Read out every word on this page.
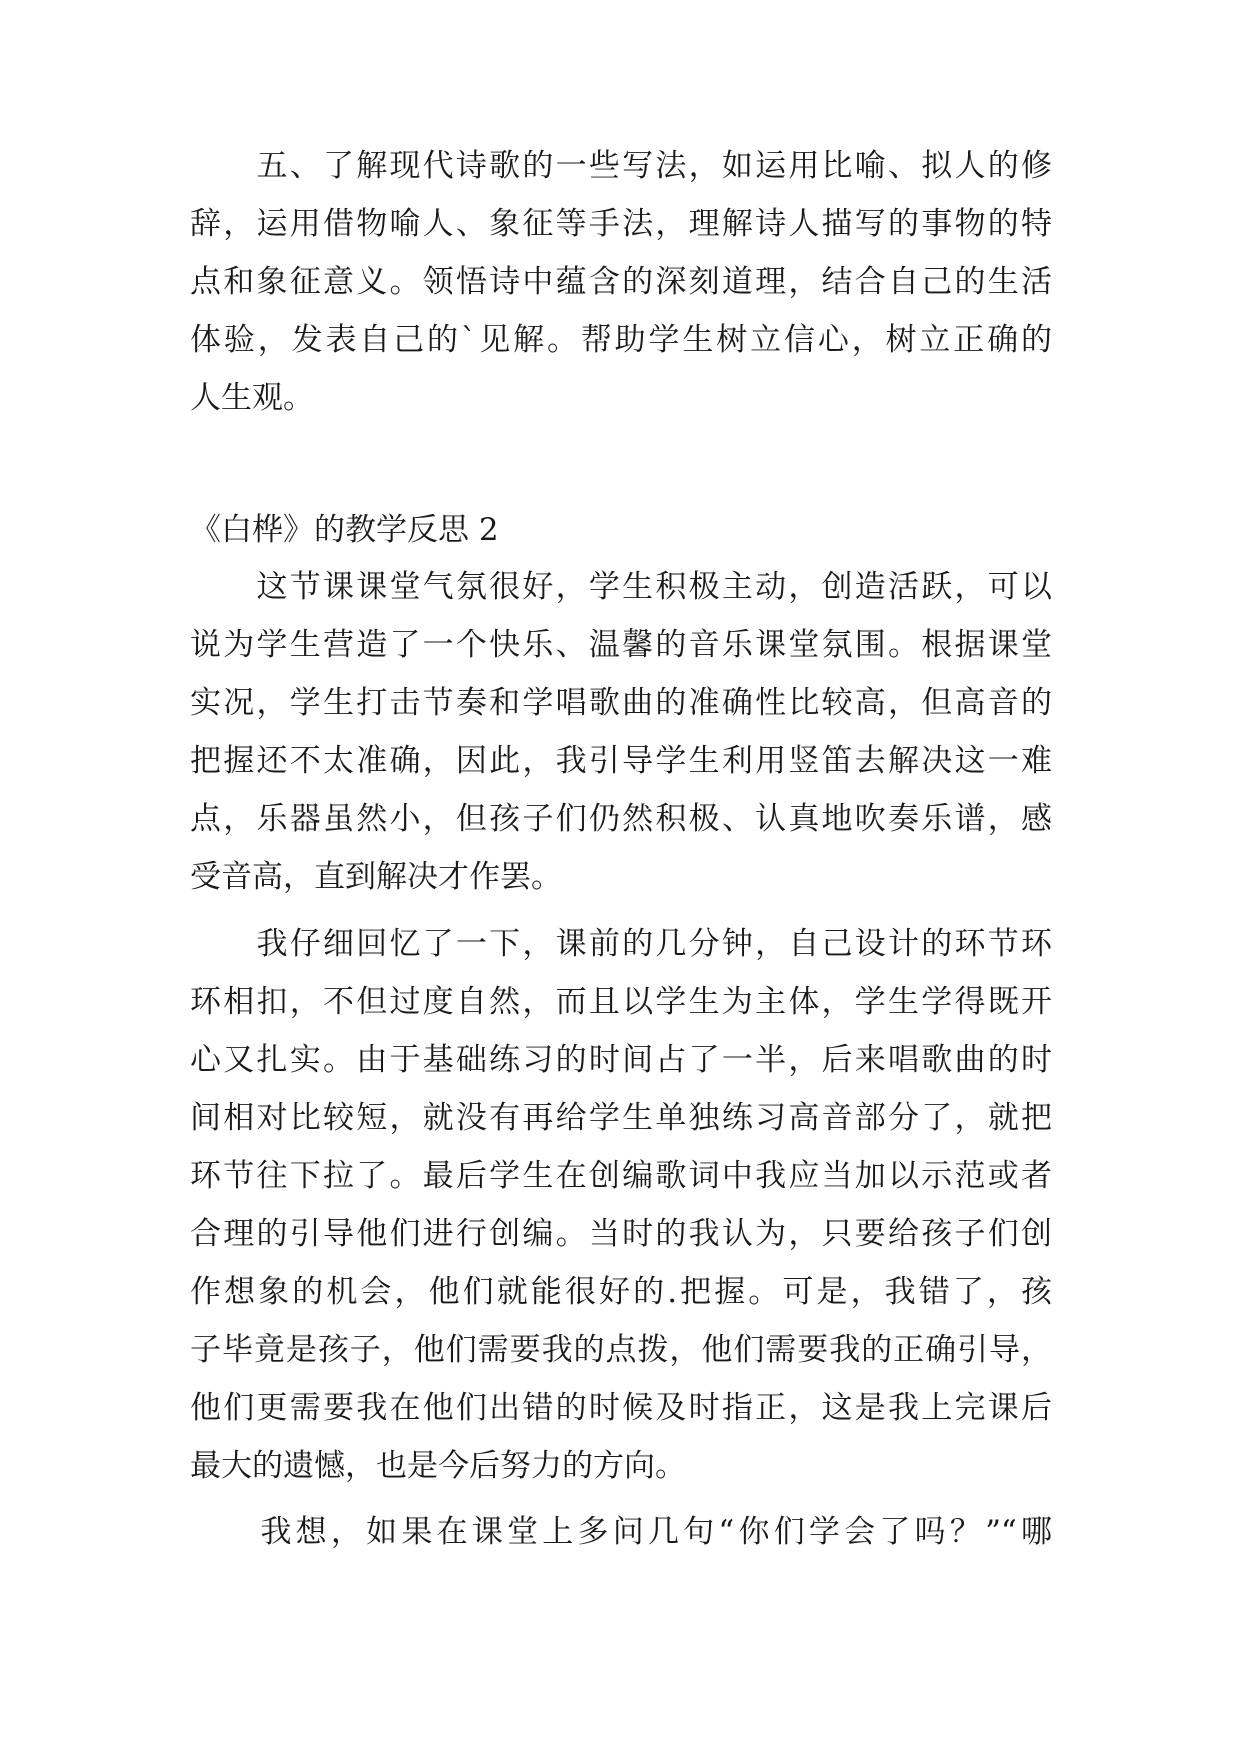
　　五、了解现代诗歌的一些写法，如运用比喻、拟人的修
辞，运用借物喻人、象征等手法，理解诗人描写的事物的特
点和象征意义。领悟诗中蕴含的深刻道理，结合自己的生活
体验，发表自己的`见解。帮助学生树立信心，树立正确的
人生观。
《白桦》的教学反思 2
　　这节课课堂气氛很好，学生积极主动，创造活跃，可以
说为学生营造了一个快乐、温馨的音乐课堂氛围。根据课堂
实况，学生打击节奏和学唱歌曲的准确性比较高，但高音的
把握还不太准确，因此，我引导学生利用竖笛去解决这一难
点，乐器虽然小，但孩子们仍然积极、认真地吹奏乐谱，感
受音高，直到解决才作罢。
　　我仔细回忆了一下，课前的几分钟，自己设计的环节环
环相扣，不但过度自然，而且以学生为主体，学生学得既开
心又扎实。由于基础练习的时间占了一半，后来唱歌曲的时
间相对比较短，就没有再给学生单独练习高音部分了，就把
环节往下拉了。最后学生在创编歌词中我应当加以示范或者
合理的引导他们进行创编。当时的我认为，只要给孩子们创
作想象的机会，他们就能很好的.把握。可是，我错了，孩
子毕竟是孩子，他们需要我的点拨，他们需要我的正确引导，
他们更需要我在他们出错的时候及时指正，这是我上完课后
最大的遗憾，也是今后努力的方向。
　　我想，如果在课堂上多问几句“你们学会了吗？”“哪
